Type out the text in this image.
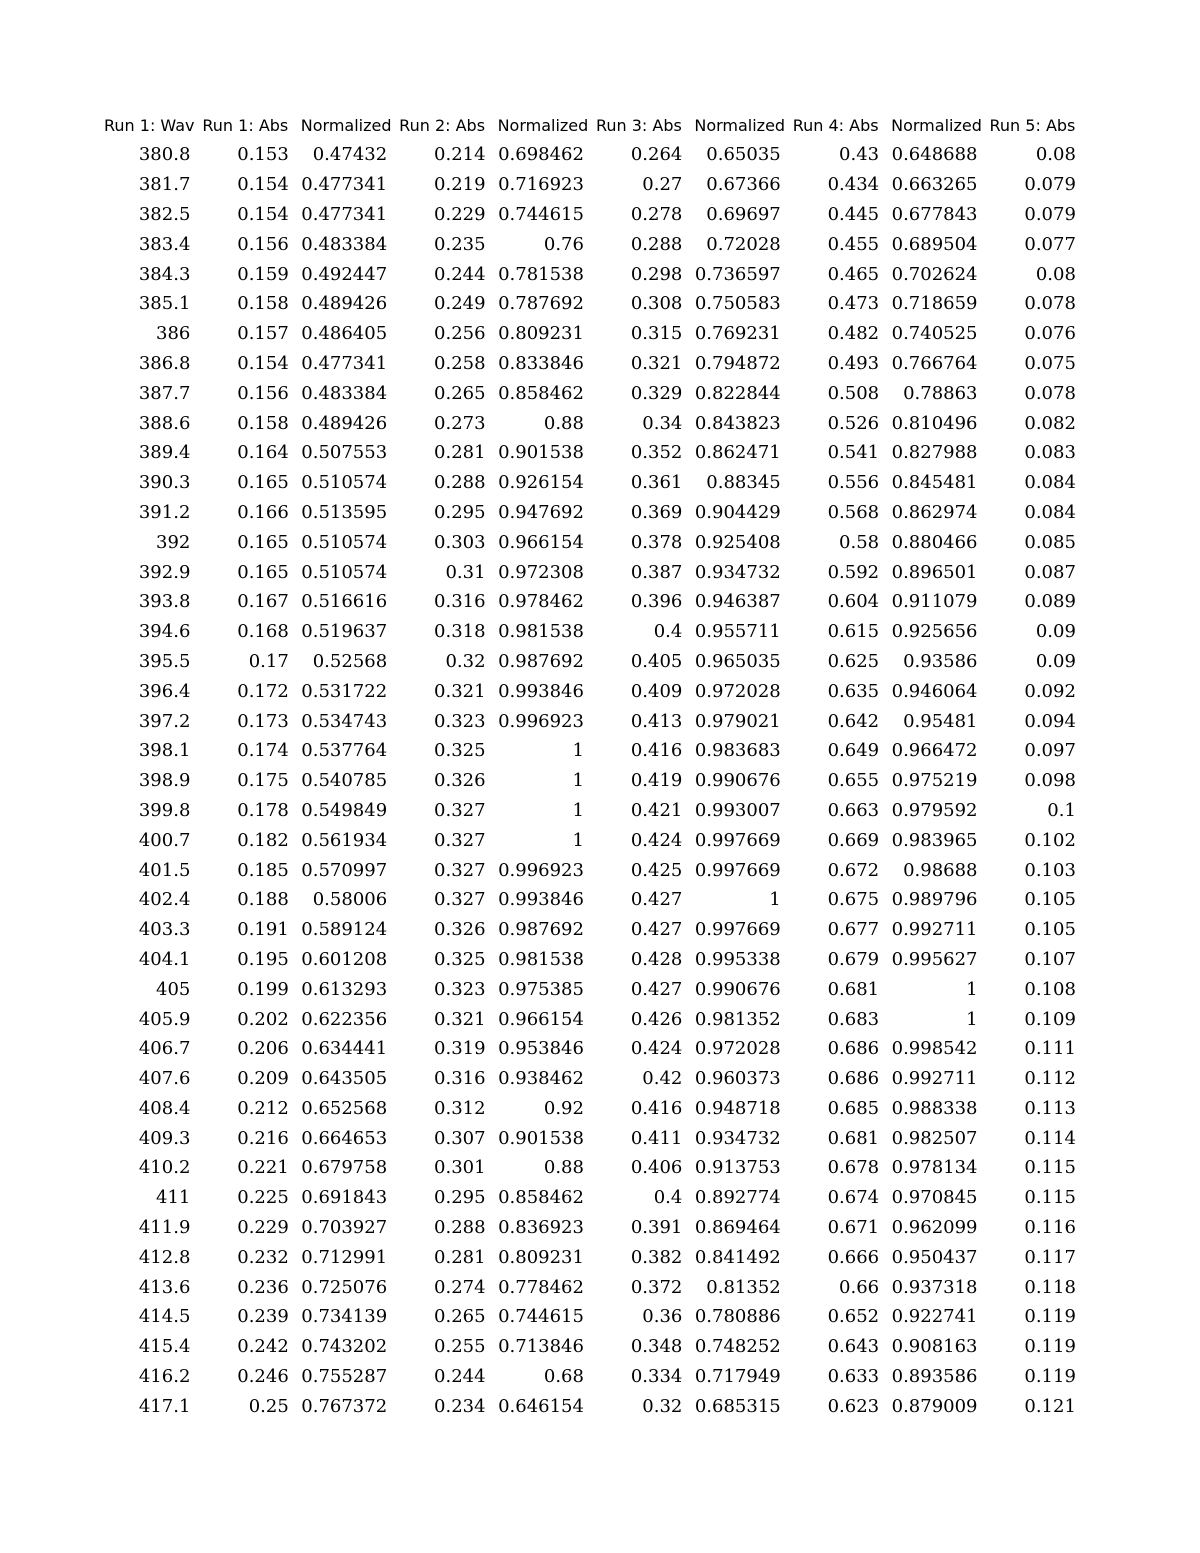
Run 1: Wav	Run 1: Abs	Normalized	Run 2: Abs	Normalized	Run 3: Abs	Normalized	Run 4: Abs	Normalized	Run 5: Abs
380.8	0.153	0.47432	0.214	0.698462	0.264	0.65035	0.43	0.648688	0.08
381.7	0.154	0.477341	0.219	0.716923	0.27	0.67366	0.434	0.663265	0.079
382.5	0.154	0.477341	0.229	0.744615	0.278	0.69697	0.445	0.677843	0.079
383.4	0.156	0.483384	0.235	0.76	0.288	0.72028	0.455	0.689504	0.077
384.3	0.159	0.492447	0.244	0.781538	0.298	0.736597	0.465	0.702624	0.08
385.1	0.158	0.489426	0.249	0.787692	0.308	0.750583	0.473	0.718659	0.078
386	0.157	0.486405	0.256	0.809231	0.315	0.769231	0.482	0.740525	0.076
386.8	0.154	0.477341	0.258	0.833846	0.321	0.794872	0.493	0.766764	0.075
387.7	0.156	0.483384	0.265	0.858462	0.329	0.822844	0.508	0.78863	0.078
388.6	0.158	0.489426	0.273	0.88	0.34	0.843823	0.526	0.810496	0.082
389.4	0.164	0.507553	0.281	0.901538	0.352	0.862471	0.541	0.827988	0.083
390.3	0.165	0.510574	0.288	0.926154	0.361	0.88345	0.556	0.845481	0.084
391.2	0.166	0.513595	0.295	0.947692	0.369	0.904429	0.568	0.862974	0.084
392	0.165	0.510574	0.303	0.966154	0.378	0.925408	0.58	0.880466	0.085
392.9	0.165	0.510574	0.31	0.972308	0.387	0.934732	0.592	0.896501	0.087
393.8	0.167	0.516616	0.316	0.978462	0.396	0.946387	0.604	0.911079	0.089
394.6	0.168	0.519637	0.318	0.981538	0.4	0.955711	0.615	0.925656	0.09
395.5	0.17	0.52568	0.32	0.987692	0.405	0.965035	0.625	0.93586	0.09
396.4	0.172	0.531722	0.321	0.993846	0.409	0.972028	0.635	0.946064	0.092
397.2	0.173	0.534743	0.323	0.996923	0.413	0.979021	0.642	0.95481	0.094
398.1	0.174	0.537764	0.325	1	0.416	0.983683	0.649	0.966472	0.097
398.9	0.175	0.540785	0.326	1	0.419	0.990676	0.655	0.975219	0.098
399.8	0.178	0.549849	0.327	1	0.421	0.993007	0.663	0.979592	0.1
400.7	0.182	0.561934	0.327	1	0.424	0.997669	0.669	0.983965	0.102
401.5	0.185	0.570997	0.327	0.996923	0.425	0.997669	0.672	0.98688	0.103
402.4	0.188	0.58006	0.327	0.993846	0.427	1	0.675	0.989796	0.105
403.3	0.191	0.589124	0.326	0.987692	0.427	0.997669	0.677	0.992711	0.105
404.1	0.195	0.601208	0.325	0.981538	0.428	0.995338	0.679	0.995627	0.107
405	0.199	0.613293	0.323	0.975385	0.427	0.990676	0.681	1	0.108
405.9	0.202	0.622356	0.321	0.966154	0.426	0.981352	0.683	1	0.109
406.7	0.206	0.634441	0.319	0.953846	0.424	0.972028	0.686	0.998542	0.111
407.6	0.209	0.643505	0.316	0.938462	0.42	0.960373	0.686	0.992711	0.112
408.4	0.212	0.652568	0.312	0.92	0.416	0.948718	0.685	0.988338	0.113
409.3	0.216	0.664653	0.307	0.901538	0.411	0.934732	0.681	0.982507	0.114
410.2	0.221	0.679758	0.301	0.88	0.406	0.913753	0.678	0.978134	0.115
411	0.225	0.691843	0.295	0.858462	0.4	0.892774	0.674	0.970845	0.115
411.9	0.229	0.703927	0.288	0.836923	0.391	0.869464	0.671	0.962099	0.116
412.8	0.232	0.712991	0.281	0.809231	0.382	0.841492	0.666	0.950437	0.117
413.6	0.236	0.725076	0.274	0.778462	0.372	0.81352	0.66	0.937318	0.118
414.5	0.239	0.734139	0.265	0.744615	0.36	0.780886	0.652	0.922741	0.119
415.4	0.242	0.743202	0.255	0.713846	0.348	0.748252	0.643	0.908163	0.119
416.2	0.246	0.755287	0.244	0.68	0.334	0.717949	0.633	0.893586	0.119
417.1	0.25	0.767372	0.234	0.646154	0.32	0.685315	0.623	0.879009	0.121
